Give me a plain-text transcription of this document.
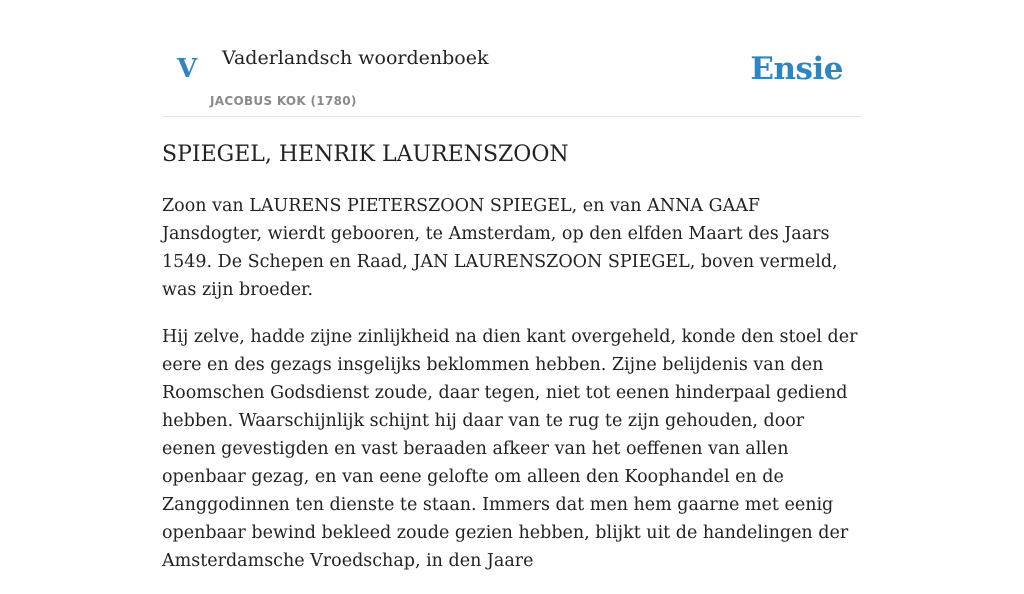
V Vaderlandsch woordenboek
JACOBUS KOK (1780)
Ensie
SPIEGEL, HENRIK LAURENSZOON

Zoon van LAURENS PIETERSZOON SPIEGEL, en van ANNA GAAF Jansdogter, wierdt gebooren, te Amsterdam, op den elfden Maart des Jaars 1549. De Schepen en Raad, JAN LAURENSZOON SPIEGEL, boven vermeld, was zijn broeder.

Hij zelve, hadde zijne zinlijkheid na dien kant overgeheld, konde den stoel der eere en des gezags insgelijks beklommen hebben. Zijne belijdenis van den Roomschen Godsdienst zoude, daar tegen, niet tot eenen hinderpaal gediend hebben. Waarschijnlijk schijnt hij daar van te rug te zijn gehouden, door eenen gevestigden en vast beraaden afkeer van het oeffenen van allen openbaar gezag, en van eene gelofte om alleen den Koophandel en de Zanggodinnen ten dienste te staan. Immers dat men hem gaarne met eenig openbaar bewind bekleed zoude gezien hebben, blijkt uit de handelingen der Amsterdamsche Vroedschap, in den Jaare
